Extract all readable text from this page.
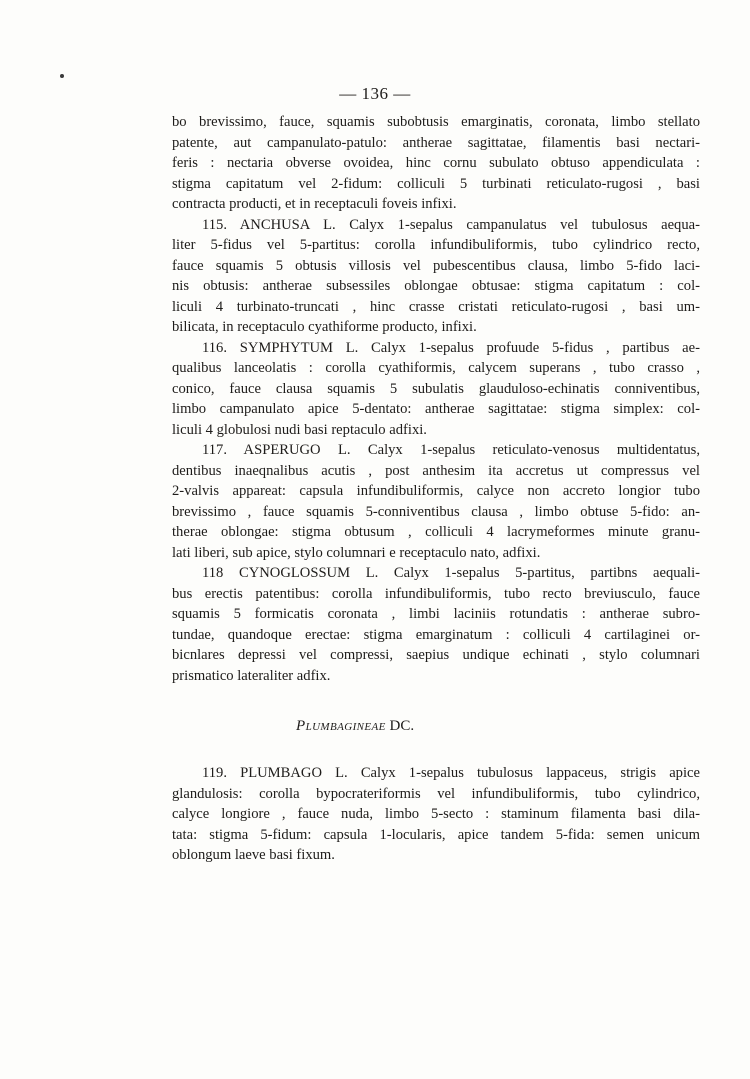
— 136 —
bo brevissimo, fauce, squamis subobtusis emarginatis, coronata, limbo stellato
patente, aut campanulato-patulo: antherae sagittatae, filamentis basi nectari-
feris : nectaria obverse ovoidea, hinc cornu subulato obtuso appendiculata :
stigma capitatum vel 2-fidum: colliculi 5 turbinati reticulato-rugosi , basi
contracta producti, et in receptaculi foveis infixi.
115. ANCHUSA L. Calyx 1-sepalus campanulatus vel tubulosus aequa-
liter 5-fidus vel 5-partitus: corolla infundibuliformis, tubo cylindrico recto,
fauce squamis 5 obtusis villosis vel pubescentibus clausa, limbo 5-fido laci-
nis obtusis: antherae subsessiles oblongae obtusae: stigma capitatum : col-
liculi 4 turbinato-truncati , hinc crasse cristati reticulato-rugosi , basi um-
bilicata, in receptaculo cyathiforme producto, infixi.
116. SYMPHYTUM L. Calyx 1-sepalus profuude 5-fidus , partibus ae-
qualibus lanceolatis : corolla cyathiformis, calycem superans , tubo crasso ,
conico, fauce clausa squamis 5 subulatis glauduloso-echinatis conniventibus,
limbo campanulato apice 5-dentato: antherae sagittatae: stigma simplex: col-
liculi 4 globulosi nudi basi reptaculo adfixi.
117. ASPERUGO L. Calyx 1-sepalus reticulato-venosus multidentatus,
dentibus inaeqnalibus acutis , post anthesim ita accretus ut compressus vel
2-valvis appareat: capsula infundibuliformis, calyce non accreto longior tubo
brevissimo , fauce squamis 5-conniventibus clausa , limbo obtuse 5-fido: an-
therae oblongae: stigma obtusum , colliculi 4 lacrymeformes minute granu-
lati liberi, sub apice, stylo columnari e receptaculo nato, adfixi.
118 CYNOGLOSSUM L. Calyx 1-sepalus 5-partitus, partibns aequali-
bus erectis patentibus: corolla infundibuliformis, tubo recto breviusculo, fauce
squamis 5 formicatis coronata , limbi laciniis rotundatis : antherae subro-
tundae, quandoque erectae: stigma emarginatum : colliculi 4 cartilaginei or-
bicnlares depressi vel compressi, saepius undique echinati , stylo columnari
prismatico lateraliter adfix.
Plumbagineae DC.
119. PLUMBAGO L. Calyx 1-sepalus tubulosus lappaceus, strigis apice
glandulosis: corolla bypocrateriformis vel infundibuliformis, tubo cylindrico,
calyce longiore , fauce nuda, limbo 5-secto : staminum filamenta basi dila-
tata: stigma 5-fidum: capsula 1-locularis, apice tandem 5-fida: semen unicum
oblongum laeve basi fixum.
